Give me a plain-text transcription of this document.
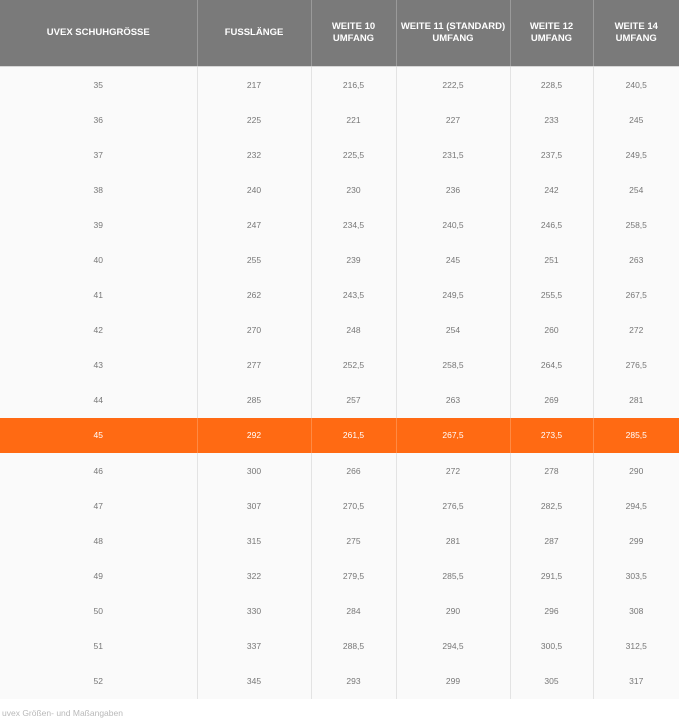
UVEX SCHUHGRÖSSE	FUSSLÄNGE	WEITE 10 UMFANG	WEITE 11 (STANDARD) UMFANG	WEITE 12 UMFANG	WEITE 14 UMFANG
35	217	216,5	222,5	228,5	240,5
36	225	221	227	233	245
37	232	225,5	231,5	237,5	249,5
38	240	230	236	242	254
39	247	234,5	240,5	246,5	258,5
40	255	239	245	251	263
41	262	243,5	249,5	255,5	267,5
42	270	248	254	260	272
43	277	252,5	258,5	264,5	276,5
44	285	257	263	269	281
45	292	261,5	267,5	273,5	285,5
46	300	266	272	278	290
47	307	270,5	276,5	282,5	294,5
48	315	275	281	287	299
49	322	279,5	285,5	291,5	303,5
50	330	284	290	296	308
51	337	288,5	294,5	300,5	312,5
52	345	293	299	305	317
uvex Größen- und Maßangaben
